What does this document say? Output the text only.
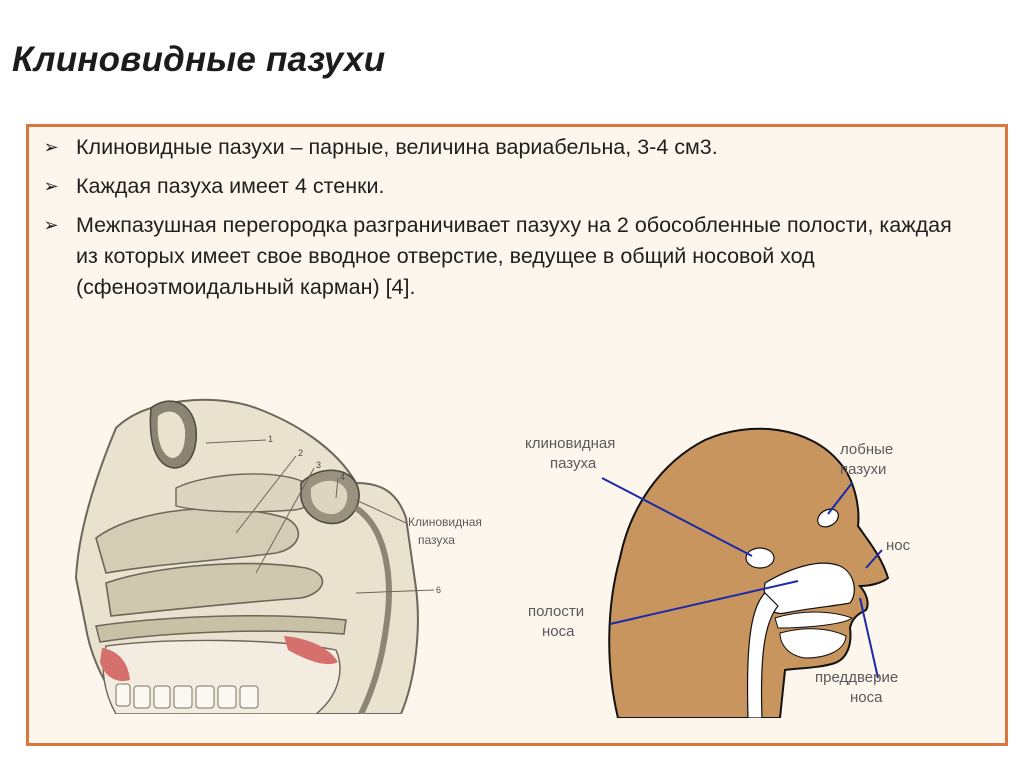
Клиновидные пазухи
➢ Клиновидные пазухи – парные, величина вариабельна, 3-4 см3.
➢ Каждая пазуха имеет 4 стенки.
➢ Межпазушная перегородка разграничивает пазуху на 2 обособленные полости, каждая из которых имеет свое вводное отверстие, ведущее в общий носовой ход (сфеноэтмоидальный карман) [4].
1
2
3
4
6
Клиновидная
пазуха
клиновидная
пазуха
лобные
пазухи
нос
полости
носа
преддверие
носа
